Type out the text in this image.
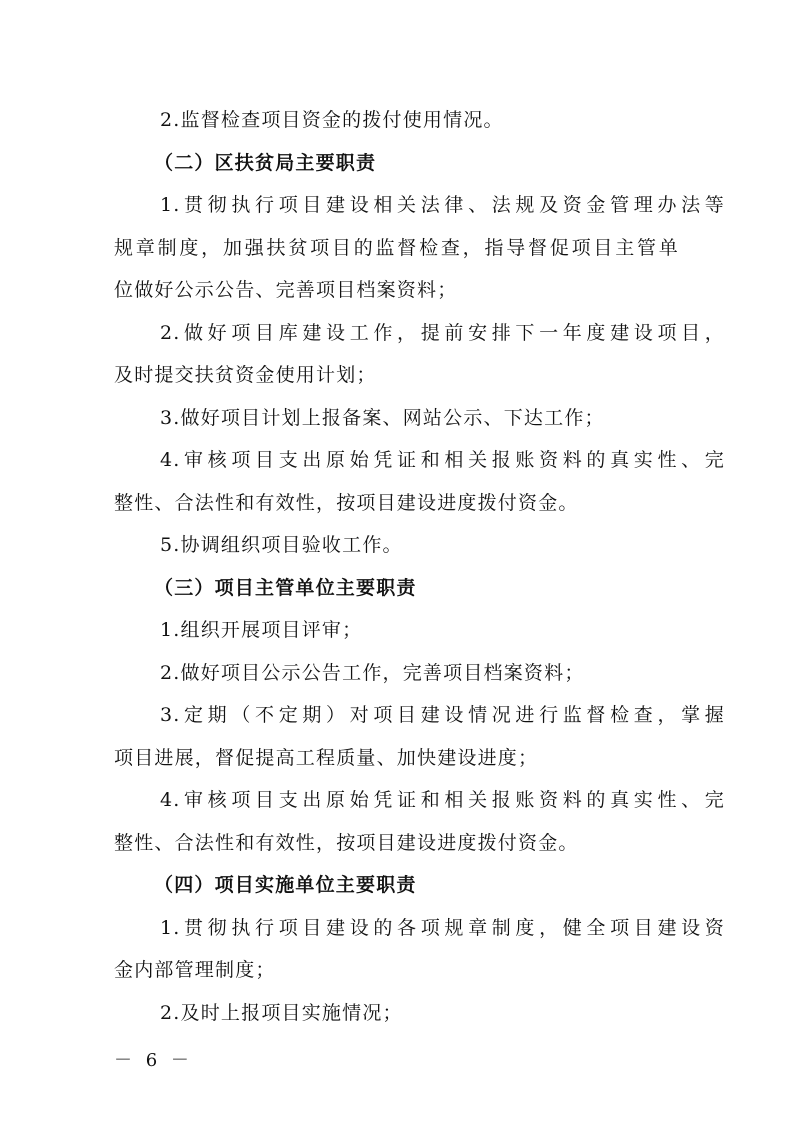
2.监督检查项目资金的拨付使用情况。
（二）区扶贫局主要职责
1.贯彻执行项目建设相关法律、法规及资金管理办法等
规章制度，加强扶贫项目的监督检查，指导督促项目主管单
位做好公示公告、完善项目档案资料；
2.做好项目库建设工作，提前安排下一年度建设项目，
及时提交扶贫资金使用计划；
3.做好项目计划上报备案、网站公示、下达工作；
4.审核项目支出原始凭证和相关报账资料的真实性、完
整性、合法性和有效性，按项目建设进度拨付资金。
5.协调组织项目验收工作。
（三）项目主管单位主要职责
1.组织开展项目评审；
2.做好项目公示公告工作，完善项目档案资料；
3.定期（不定期）对项目建设情况进行监督检查，掌握
项目进展，督促提高工程质量、加快建设进度；
4.审核项目支出原始凭证和相关报账资料的真实性、完
整性、合法性和有效性，按项目建设进度拨付资金。
（四）项目实施单位主要职责
1.贯彻执行项目建设的各项规章制度，健全项目建设资
金内部管理制度；
2.及时上报项目实施情况；
－ 6 －
